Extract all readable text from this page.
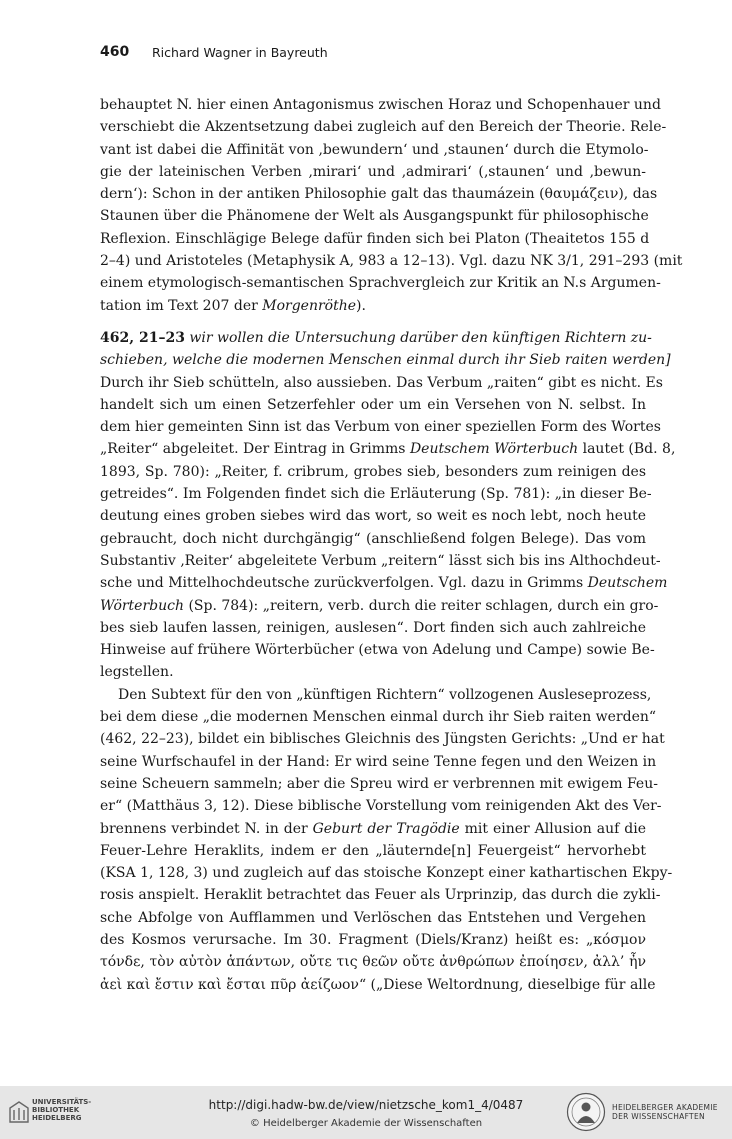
460 Richard Wagner in Bayreuth
behauptet N. hier einen Antagonismus zwischen Horaz und Schopenhauer und
verschiebt die Akzentsetzung dabei zugleich auf den Bereich der Theorie. Rele-
vant ist dabei die Affinität von ‚bewundern‘ und ‚staunen‘ durch die Etymolo-
gie der lateinischen Verben ‚mirari‘ und ‚admirari‘ (‚staunen‘ und ‚bewun-
dern‘): Schon in der antiken Philosophie galt das thaumázein (θαυμάζειν), das
Staunen über die Phänomene der Welt als Ausgangspunkt für philosophische
Reflexion. Einschlägige Belege dafür finden sich bei Platon (Theaitetos 155 d
2–4) und Aristoteles (Metaphysik A, 983 a 12–13). Vgl. dazu NK 3/1, 291–293 (mit
einem etymologisch-semantischen Sprachvergleich zur Kritik an N.s Argumen-
tation im Text 207 der Morgenröthe).
462, 21–23 wir wollen die Untersuchung darüber den künftigen Richtern zu-
schieben, welche die modernen Menschen einmal durch ihr Sieb raiten werden]
Durch ihr Sieb schütteln, also aussieben. Das Verbum „raiten“ gibt es nicht. Es
handelt sich um einen Setzerfehler oder um ein Versehen von N. selbst. In
dem hier gemeinten Sinn ist das Verbum von einer speziellen Form des Wortes
„Reiter“ abgeleitet. Der Eintrag in Grimms Deutschem Wörterbuch lautet (Bd. 8,
1893, Sp. 780): „Reiter, f. cribrum, grobes sieb, besonders zum reinigen des
getreides“. Im Folgenden findet sich die Erläuterung (Sp. 781): „in dieser Be-
deutung eines groben siebes wird das wort, so weit es noch lebt, noch heute
gebraucht, doch nicht durchgängig“ (anschließend folgen Belege). Das vom
Substantiv ‚Reiter‘ abgeleitete Verbum „reitern“ lässt sich bis ins Althochdeut-
sche und Mittelhochdeutsche zurückverfolgen. Vgl. dazu in Grimms Deutschem
Wörterbuch (Sp. 784): „reitern, verb. durch die reiter schlagen, durch ein gro-
bes sieb laufen lassen, reinigen, auslesen“. Dort finden sich auch zahlreiche
Hinweise auf frühere Wörterbücher (etwa von Adelung und Campe) sowie Be-
legstellen.
Den Subtext für den von „künftigen Richtern“ vollzogenen Ausleseprozess,
bei dem diese „die modernen Menschen einmal durch ihr Sieb raiten werden“
(462, 22–23), bildet ein biblisches Gleichnis des Jüngsten Gerichts: „Und er hat
seine Wurfschaufel in der Hand: Er wird seine Tenne fegen und den Weizen in
seine Scheuern sammeln; aber die Spreu wird er verbrennen mit ewigem Feu-
er“ (Matthäus 3, 12). Diese biblische Vorstellung vom reinigenden Akt des Ver-
brennens verbindet N. in der Geburt der Tragödie mit einer Allusion auf die
Feuer-Lehre Heraklits, indem er den „läuternde[n] Feuergeist“ hervorhebt
(KSA 1, 128, 3) und zugleich auf das stoische Konzept einer kathartischen Ekpy-
rosis anspielt. Heraklit betrachtet das Feuer als Urprinzip, das durch die zykli-
sche Abfolge von Aufflammen und Verlöschen das Entstehen und Vergehen
des Kosmos verursache. Im 30. Fragment (Diels/Kranz) heißt es: „κόσμον
τόνδε, τὸν αὐτὸν ἁπάντων, οὔτε τις θεῶν οὔτε ἀνθρώπων ἐποίησεν, ἀλλ’ ἦν
ἀεὶ καὶ ἔστιν καὶ ἔσται πῦρ ἀείζωον“ („Diese Weltordnung, dieselbige für alle
UNIVERSITÄTS-
BIBLIOTHEK
HEIDELBERG
http://digi.hadw-bw.de/view/nietzsche_kom1_4/0487
© Heidelberger Akademie der Wissenschaften
HEIDELBERGER AKADEMIE
DER WISSENSCHAFTEN
